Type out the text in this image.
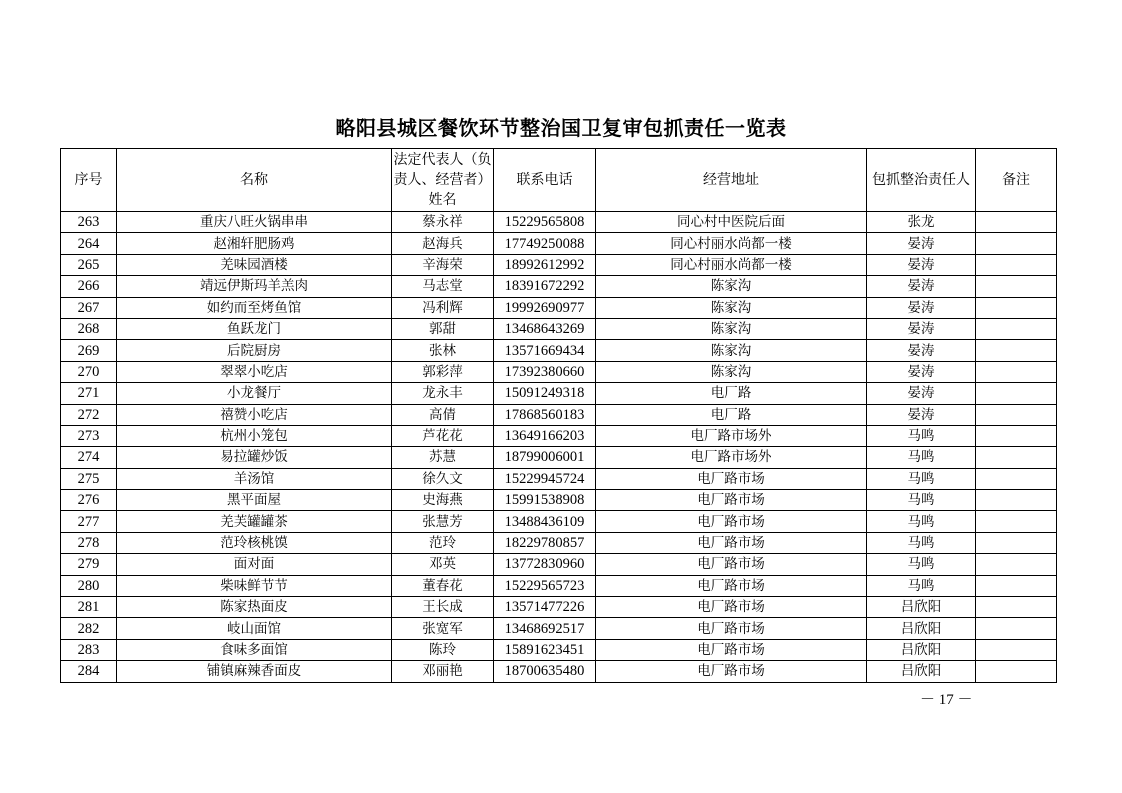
略阳县城区餐饮环节整治国卫复审包抓责任一览表
序号	名称	法定代表人（负责人、经营者）姓名	联系电话	经营地址	包抓整治责任人	备注
263	重庆八旺火锅串串	蔡永祥	15229565808	同心村中医院后面	张龙	
264	赵湘轩肥肠鸡	赵海兵	17749250088	同心村丽水尚都一楼	晏涛	
265	羌味园酒楼	辛海荣	18992612992	同心村丽水尚都一楼	晏涛	
266	靖远伊斯玛羊羔肉	马志堂	18391672292	陈家沟	晏涛	
267	如约而至烤鱼馆	冯利辉	19992690977	陈家沟	晏涛	
268	鱼跃龙门	郭甜	13468643269	陈家沟	晏涛	
269	后院厨房	张林	13571669434	陈家沟	晏涛	
270	翠翠小吃店	郭彩萍	17392380660	陈家沟	晏涛	
271	小龙餐厅	龙永丰	15091249318	电厂路	晏涛	
272	禧赞小吃店	高倩	17868560183	电厂路	晏涛	
273	杭州小笼包	芦花花	13649166203	电厂路市场外	马鸣	
274	易拉罐炒饭	苏慧	18799006001	电厂路市场外	马鸣	
275	羊汤馆	徐久文	15229945724	电厂路市场	马鸣	
276	黑平面屋	史海燕	15991538908	电厂路市场	马鸣	
277	羌芙罐罐茶	张慧芳	13488436109	电厂路市场	马鸣	
278	范玲核桃馍	范玲	18229780857	电厂路市场	马鸣	
279	面对面	邓英	13772830960	电厂路市场	马鸣	
280	柴味鲜节节	董春花	15229565723	电厂路市场	马鸣	
281	陈家热面皮	王长成	13571477226	电厂路市场	吕欣阳	
282	岐山面馆	张宽军	13468692517	电厂路市场	吕欣阳	
283	食味多面馆	陈玲	15891623451	电厂路市场	吕欣阳	
284	铺镇麻辣香面皮	邓丽艳	18700635480	电厂路市场	吕欣阳	
－ 17 －
